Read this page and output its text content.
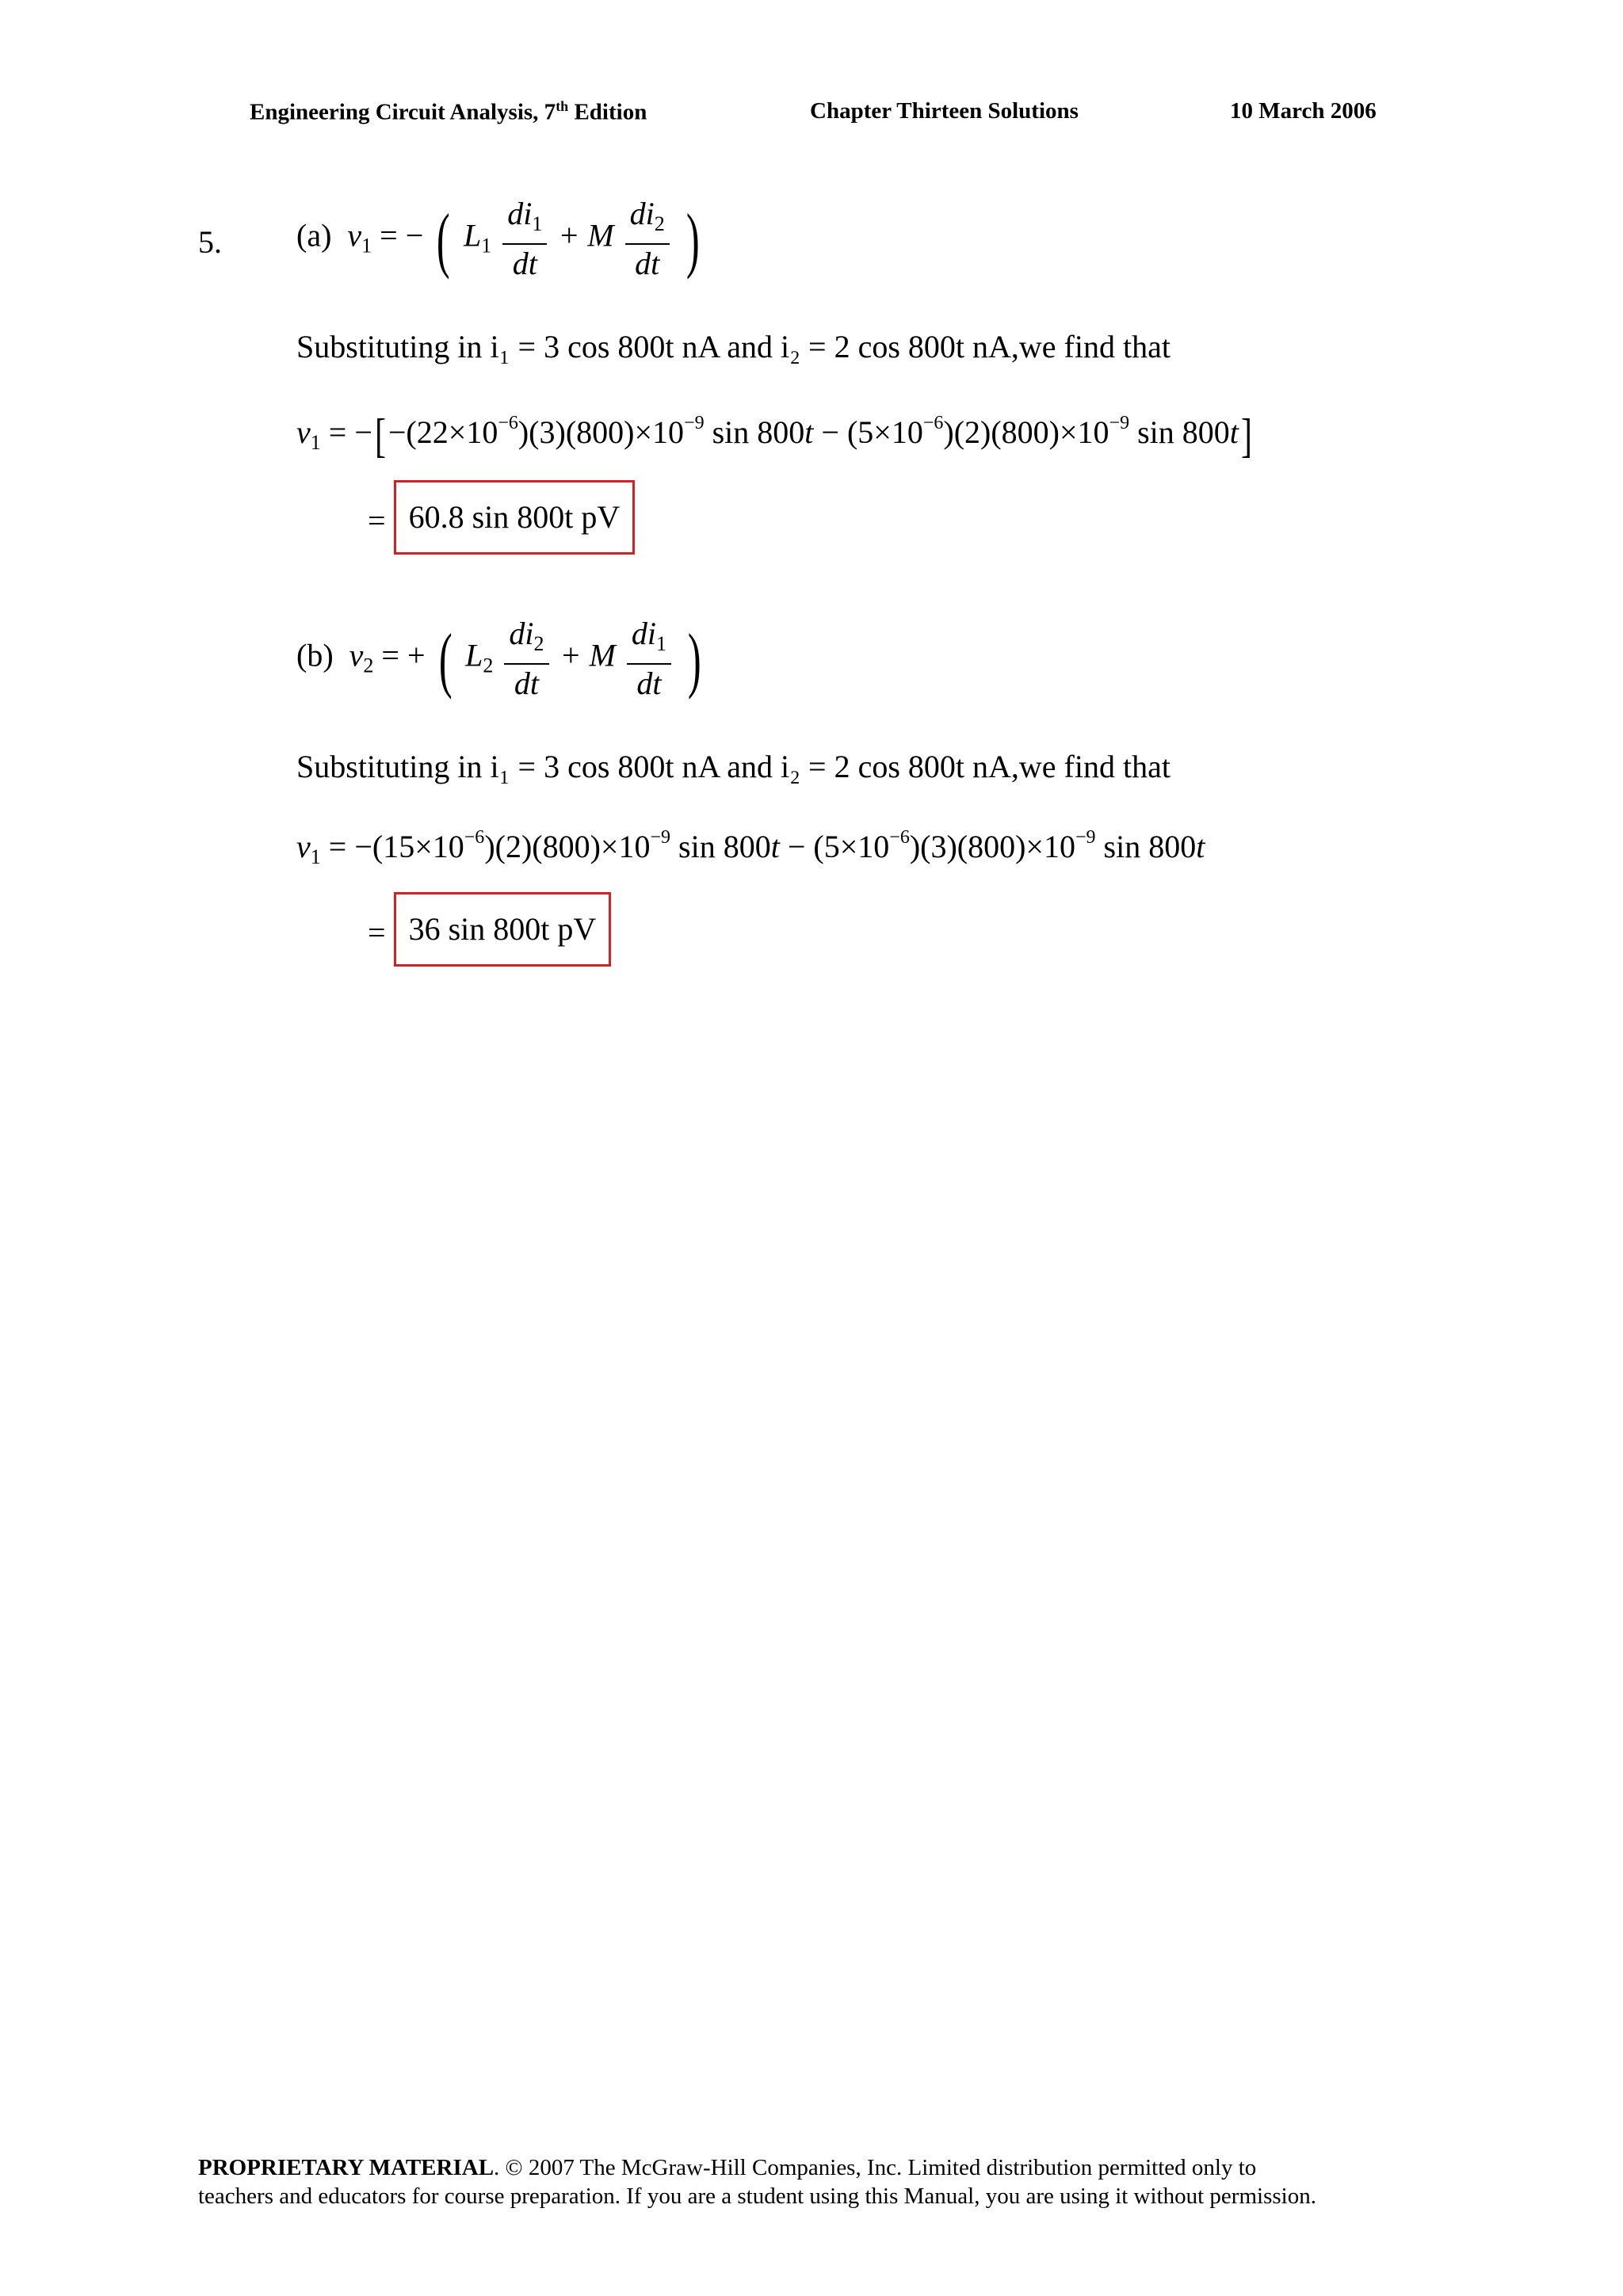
Engineering Circuit Analysis, 7th Edition	Chapter Thirteen Solutions	10 March 2006
5. (a) $v_1$ = − ( $L_1 \frac{di_1}{dt} + M \frac{di_2}{dt}$ )
Substituting in i₁ = 3 cos 800t nA and i₂ = 2 cos 800t nA,we find that
$v_1 = -[-(22\times 10^{-6})(3)(800)\times 10^{-9}$ $\sin 800t - (5\times 10^{-6})(2)(800)\times 10^{-9}$ sin 800t]
= 60.8 sin 800t pV
(b) $v_2$ = + ( $L_2 \frac{di_2}{dt} + M \frac{di_1}{dt}$ )
Substituting in i₁ = 3 cos 800t nA and i₂ = 2 cos 800t nA,we find that
$v_1 = -(15\times 10^{-6})(2)(800)\times 10^{-9}$ $\sin 800t - (5\times 10^{-6})(3)(800)\times 10^{-9}$ sin 800t
= 36 sin 800t pV
PROPRIETARY MATERIAL. © 2007 The McGraw-Hill Companies, Inc. Limited distribution permitted only to
teachers and educators for course preparation. If you are a student using this Manual, you are using it without permission.
